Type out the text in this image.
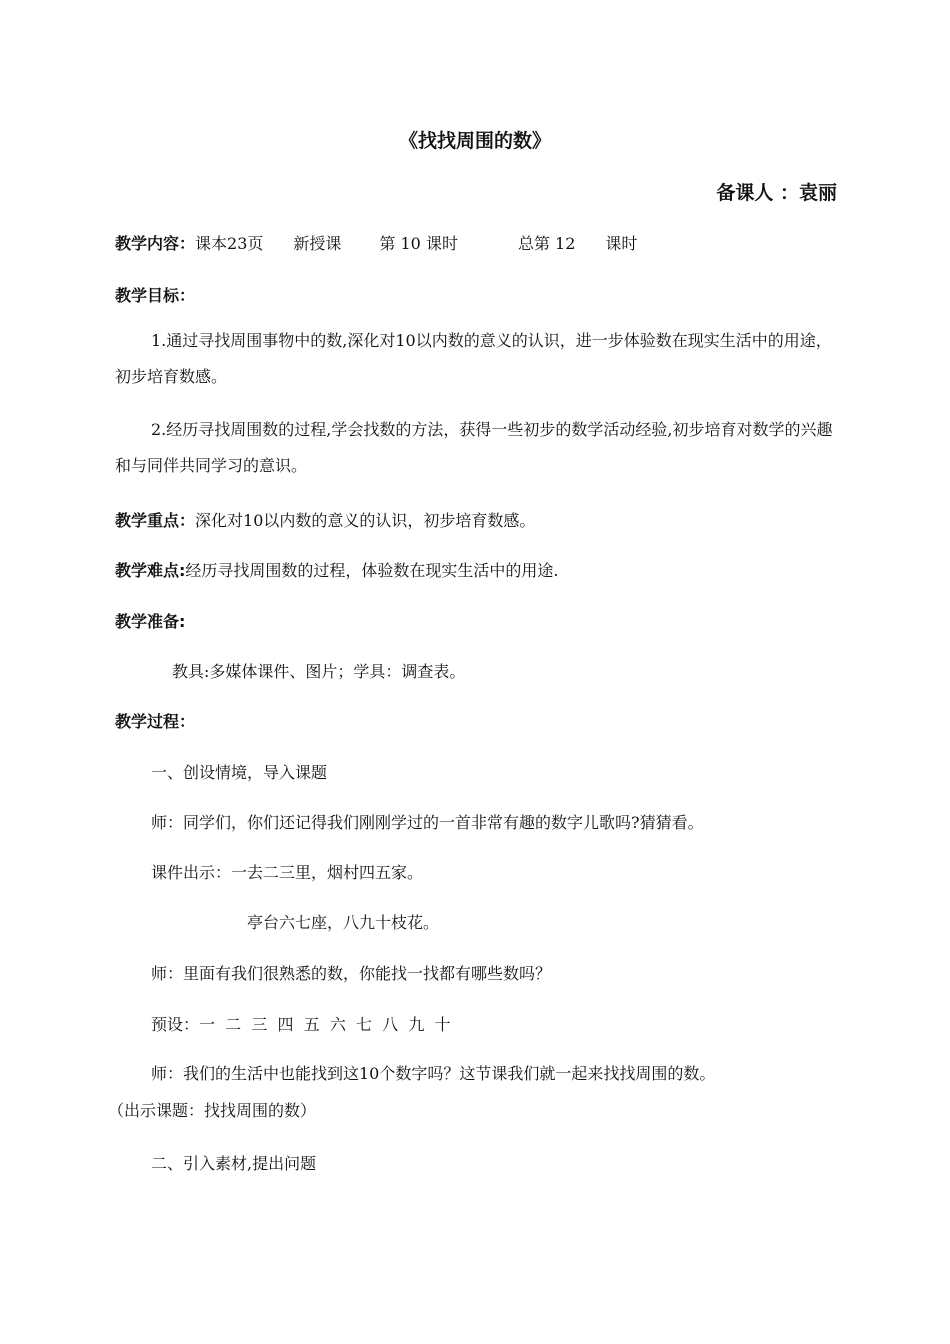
《找找周围的数》
备课人 ：袁丽
教学内容：课本23页 新授课 第 10 课时	总第 12 课时
教学目标：
1.通过寻找周围事物中的数,深化对10以内数的意义的认识，进一步体验数在现实生活中的用途，初步培育数感。
2.经历寻找周围数的过程,学会找数的方法，获得一些初步的数学活动经验,初步培育对数学的兴趣和与同伴共同学习的意识。
教学重点：深化对10以内数的意义的认识，初步培育数感。
教学难点:经历寻找周围数的过程，体验数在现实生活中的用途.
教学准备:
教具:多媒体课件、图片；学具：调查表。
教学过程：
一、创设情境，导入课题
师：同学们，你们还记得我们刚刚学过的一首非常有趣的数字儿歌吗?猜猜看。
课件出示：一去二三里，烟村四五家。
亭台六七座，八九十枝花。
师：里面有我们很熟悉的数，你能找一找都有哪些数吗？
预设：一  二  三  四  五  六  七  八  九  十
师：我们的生活中也能找到这10个数字吗？这节课我们就一起来找找周围的数。
（出示课题：找找周围的数）
二、引入素材,提出问题
